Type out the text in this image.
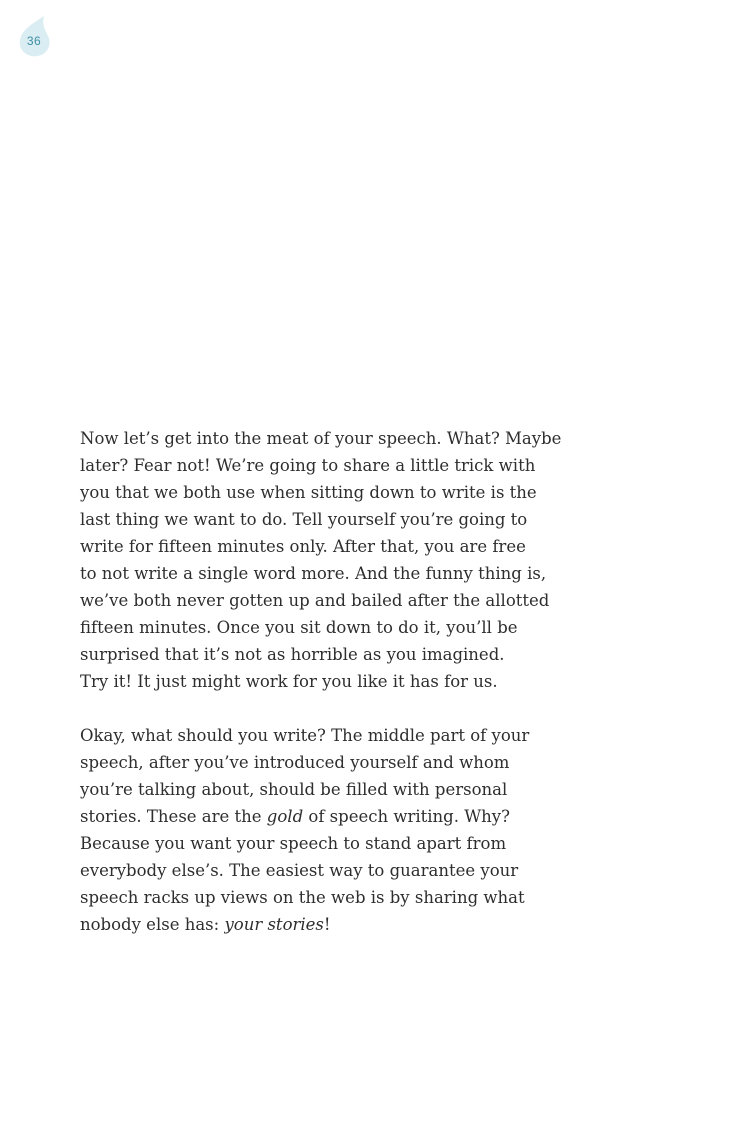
36

Now let’s get into the meat of your speech. What? Maybe
later? Fear not! We’re going to share a little trick with
you that we both use when sitting down to write is the
last thing we want to do. Tell yourself you’re going to
write for fifteen minutes only. After that, you are free
to not write a single word more. And the funny thing is,
we’ve both never gotten up and bailed after the allotted
fifteen minutes. Once you sit down to do it, you’ll be
surprised that it’s not as horrible as you imagined.
Try it! It just might work for you like it has for us.

Okay, what should you write? The middle part of your
speech, after you’ve introduced yourself and whom
you’re talking about, should be filled with personal
stories. These are the gold of speech writing. Why?
Because you want your speech to stand apart from
everybody else’s. The easiest way to guarantee your
speech racks up views on the web is by sharing what
nobody else has: your stories!
